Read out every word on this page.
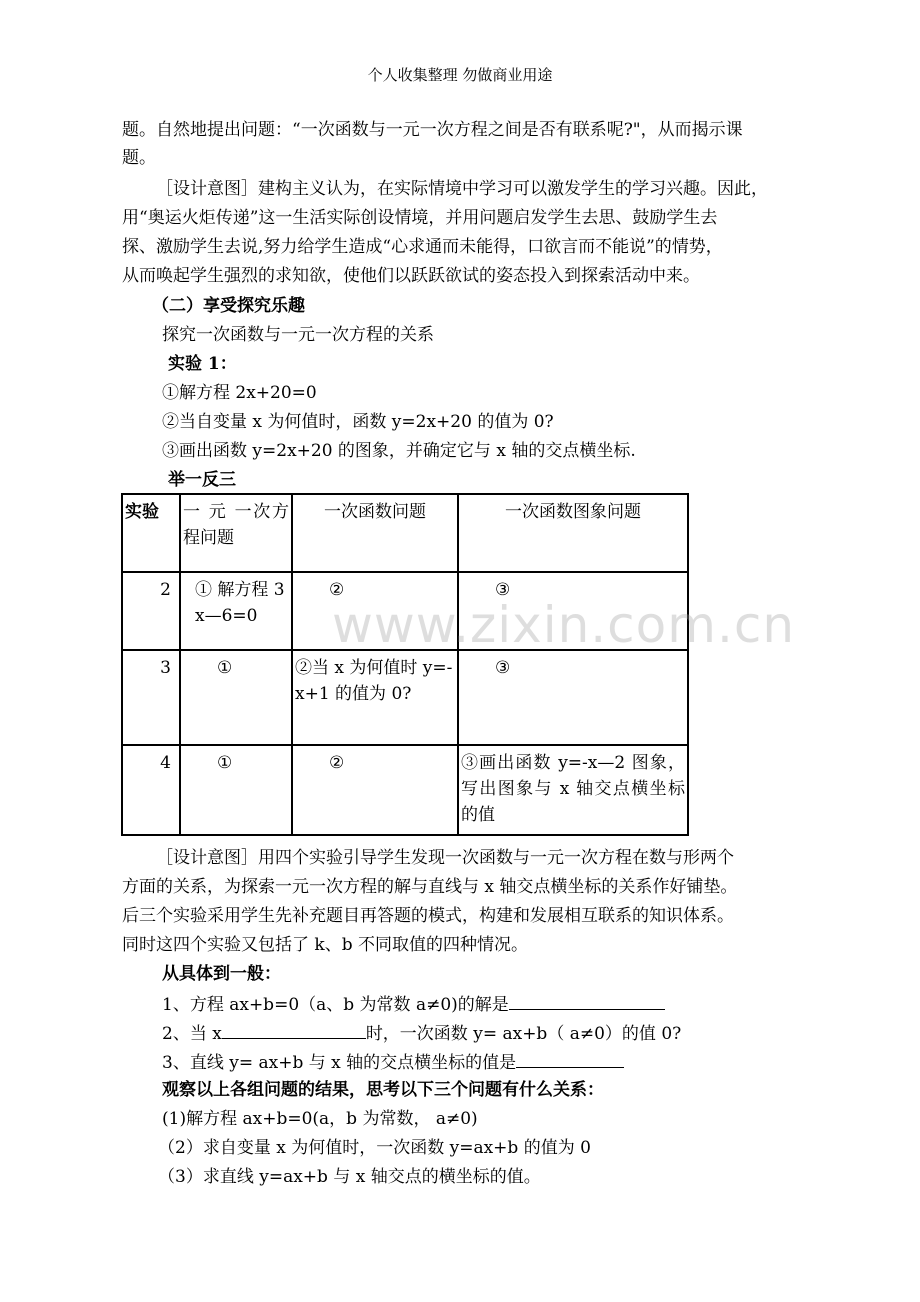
个人收集整理 勿做商业用途
题。自然地提出问题：“一次函数与一元一次方程之间是否有联系呢?"，从而揭示课
题。
［设计意图］建构主义认为，在实际情境中学习可以激发学生的学习兴趣。因此，
用“奥运火炬传递”这一生活实际创设情境，并用问题启发学生去思、鼓励学生去
探、激励学生去说,努力给学生造成“心求通而未能得，口欲言而不能说”的情势，
从而唤起学生强烈的求知欲，使他们以跃跃欲试的姿态投入到探索活动中来。
（二）享受探究乐趣
探究一次函数与一元一次方程的关系
实验 1：
①解方程 2x+20=0
②当自变量 x 为何值时，函数 y=2x+20 的值为 0?
③画出函数 y=2x+20 的图象，并确定它与 x 轴的交点横坐标.
举一反三
实验	一 元 一次方程问题	一次函数问题	一次函数图象问题
2	① 解方程 3x—6=0	②	③
3	①	②当 x 为何值时 y=-x+1 的值为 0?	③
4	①	②	③画出函数 y=-x—2 图象，写出图象与 x 轴交点横坐标的值
www.zixin.com.cn
［设计意图］用四个实验引导学生发现一次函数与一元一次方程在数与形两个
方面的关系，为探索一元一次方程的解与直线与 x 轴交点横坐标的关系作好铺垫。
后三个实验采用学生先补充题目再答题的模式，构建和发展相互联系的知识体系。
同时这四个实验又包括了 k、b 不同取值的四种情况。
从具体到一般：
1、方程 ax+b=0（a、b 为常数 a≠0)的解是
2、当 x	时，一次函数 y= ax+b（ a≠0）的值 0?
3、直线 y= ax+b 与 x 轴的交点横坐标的值是
观察以上各组问题的结果，思考以下三个问题有什么关系：
(1)解方程 ax+b=0(a，b 为常数， a≠0)
（2）求自变量 x 为何值时，一次函数 y=ax+b 的值为 0
（3）求直线 y=ax+b 与 x 轴交点的横坐标的值。
